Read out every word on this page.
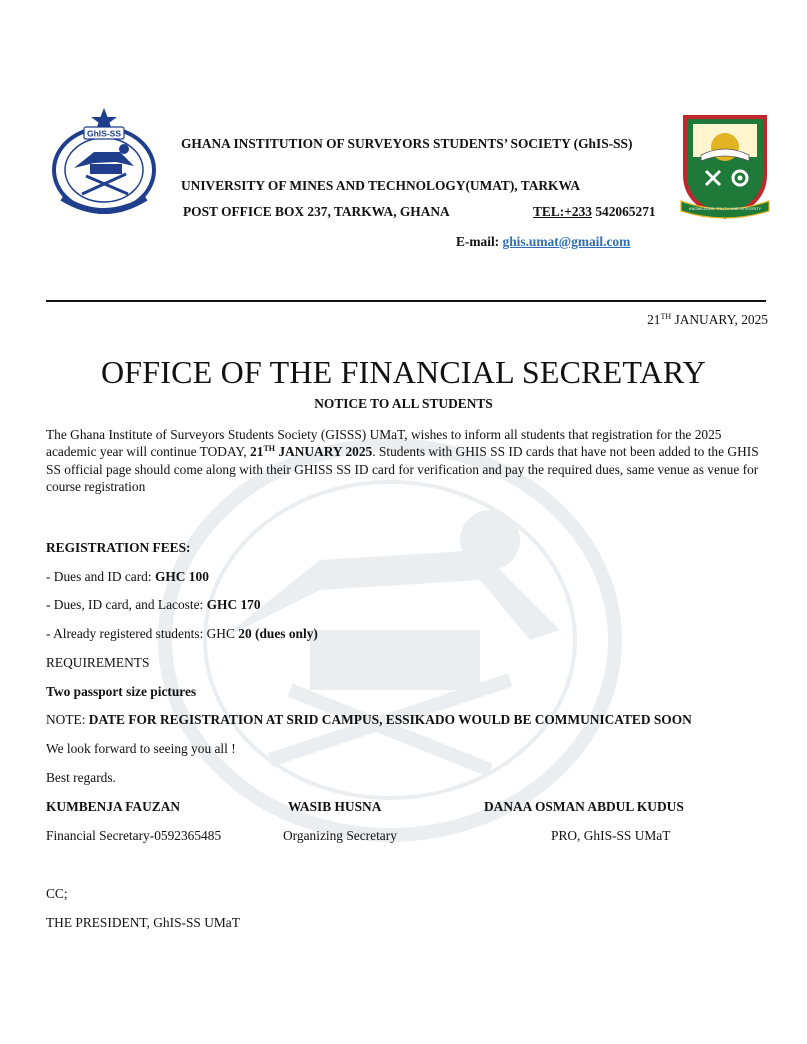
GhIS-SS
KNOWLEDGE TRUTH AND INTEGRITY
GHANA INSTITUTION OF SURVEYORS STUDENTS’ SOCIETY (GhIS-SS)
UNIVERSITY OF MINES AND TECHNOLOGY(UMAT), TARKWA
POST OFFICE BOX 237, TARKWA, GHANA	TEL:+233 542065271
E-mail: ghis.umat@gmail.com
21TH JANUARY, 2025
OFFICE OF THE FINANCIAL SECRETARY
NOTICE TO ALL STUDENTS
The Ghana Institute of Surveyors Students Society (GISSS) UMaT, wishes to inform all students that registration for the 2025 academic year will continue TODAY, 21TH JANUARY 2025. Students with GHIS SS ID cards that have not been added to the GHIS SS official page should come along with their GHISS SS ID card for verification and pay the required dues, same venue as venue for course registration
REGISTRATION FEES:
- Dues and ID card: GHC 100
- Dues, ID card, and Lacoste: GHC 170
- Already registered students: GHC 20 (dues only)
REQUIREMENTS
Two passport size pictures
NOTE: DATE FOR REGISTRATION AT SRID CAMPUS, ESSIKADO WOULD BE COMMUNICATED SOON
We look forward to seeing you all !
Best regards.
KUMBENJA FAUZAN	WASIB HUSNA	DANAA OSMAN ABDUL KUDUS
Financial Secretary-0592365485	Organizing Secretary	PRO, GhIS-SS UMaT
CC;
THE PRESIDENT, GhIS-SS UMaT
